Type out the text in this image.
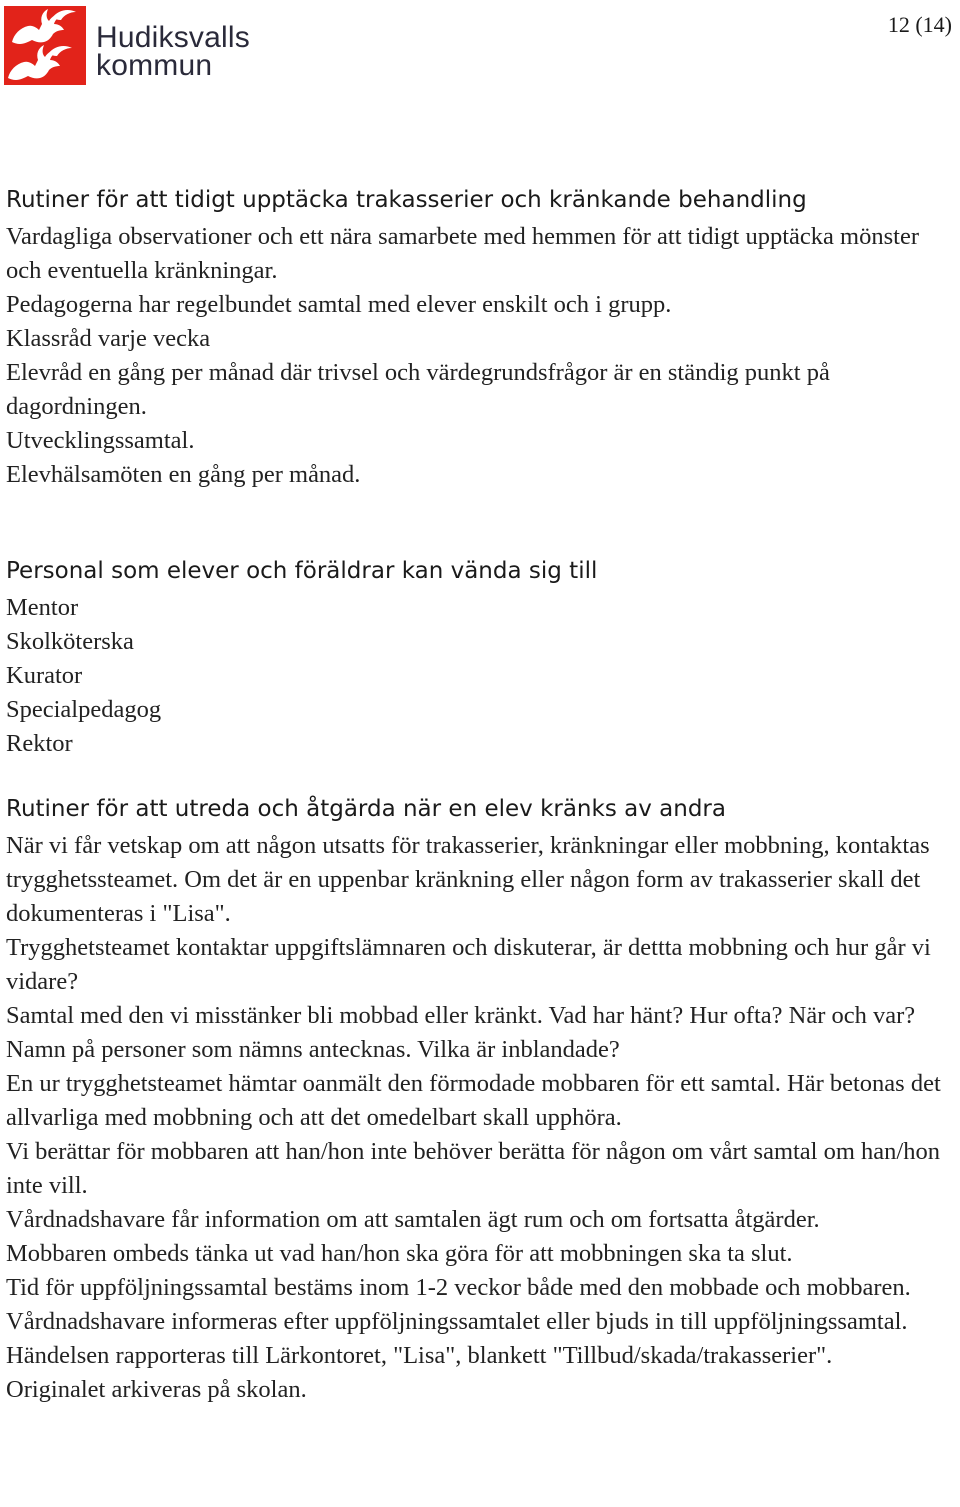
Hudiksvalls
kommun
12 (14)
Rutiner för att tidigt upptäcka trakasserier och kränkande behandling

Vardagliga observationer och ett nära samarbete med hemmen för att tidigt upptäcka mönster och eventuella kränkningar.

Pedagogerna har regelbundet samtal med elever enskilt och i grupp.

Klassråd varje vecka

Elevråd en gång per månad där trivsel och värdegrundsfrågor är en ständig punkt på dagordningen.

Utvecklingssamtal.

Elevhälsamöten en gång per månad.

Personal som elever och föräldrar kan vända sig till

Mentor

Skolköterska

Kurator

Specialpedagog

Rektor

Rutiner för att utreda och åtgärda när en elev kränks av andra

När vi får vetskap om att någon utsatts för trakasserier, kränkningar eller mobbning, kontaktas trygghetssteamet. Om det är en uppenbar kränkning eller någon form av trakasserier skall det dokumenteras i "Lisa".

Trygghetsteamet kontaktar uppgiftslämnaren och diskuterar, är dettta mobbning och hur går vi vidare?

Samtal med den vi misstänker bli mobbad eller kränkt. Vad har hänt? Hur ofta? När och var? Namn på personer som nämns antecknas. Vilka är inblandade?

En ur trygghetsteamet hämtar oanmält den förmodade mobbaren för ett samtal. Här betonas det allvarliga med mobbning och att det omedelbart skall upphöra.

Vi berättar för mobbaren att han/hon inte behöver berätta för någon om vårt samtal om han/hon inte vill.

Vårdnadshavare får information om att samtalen ägt rum och om fortsatta åtgärder.

Mobbaren ombeds tänka ut vad han/hon ska göra för att mobbningen ska ta slut.

Tid för uppföljningssamtal bestäms inom 1-2 veckor både med den mobbade och mobbaren.

Vårdnadshavare informeras efter uppföljningssamtalet eller bjuds in till uppföljningssamtal.

Händelsen rapporteras till Lärkontoret, "Lisa", blankett "Tillbud/skada/trakasserier".

Originalet arkiveras på skolan.
